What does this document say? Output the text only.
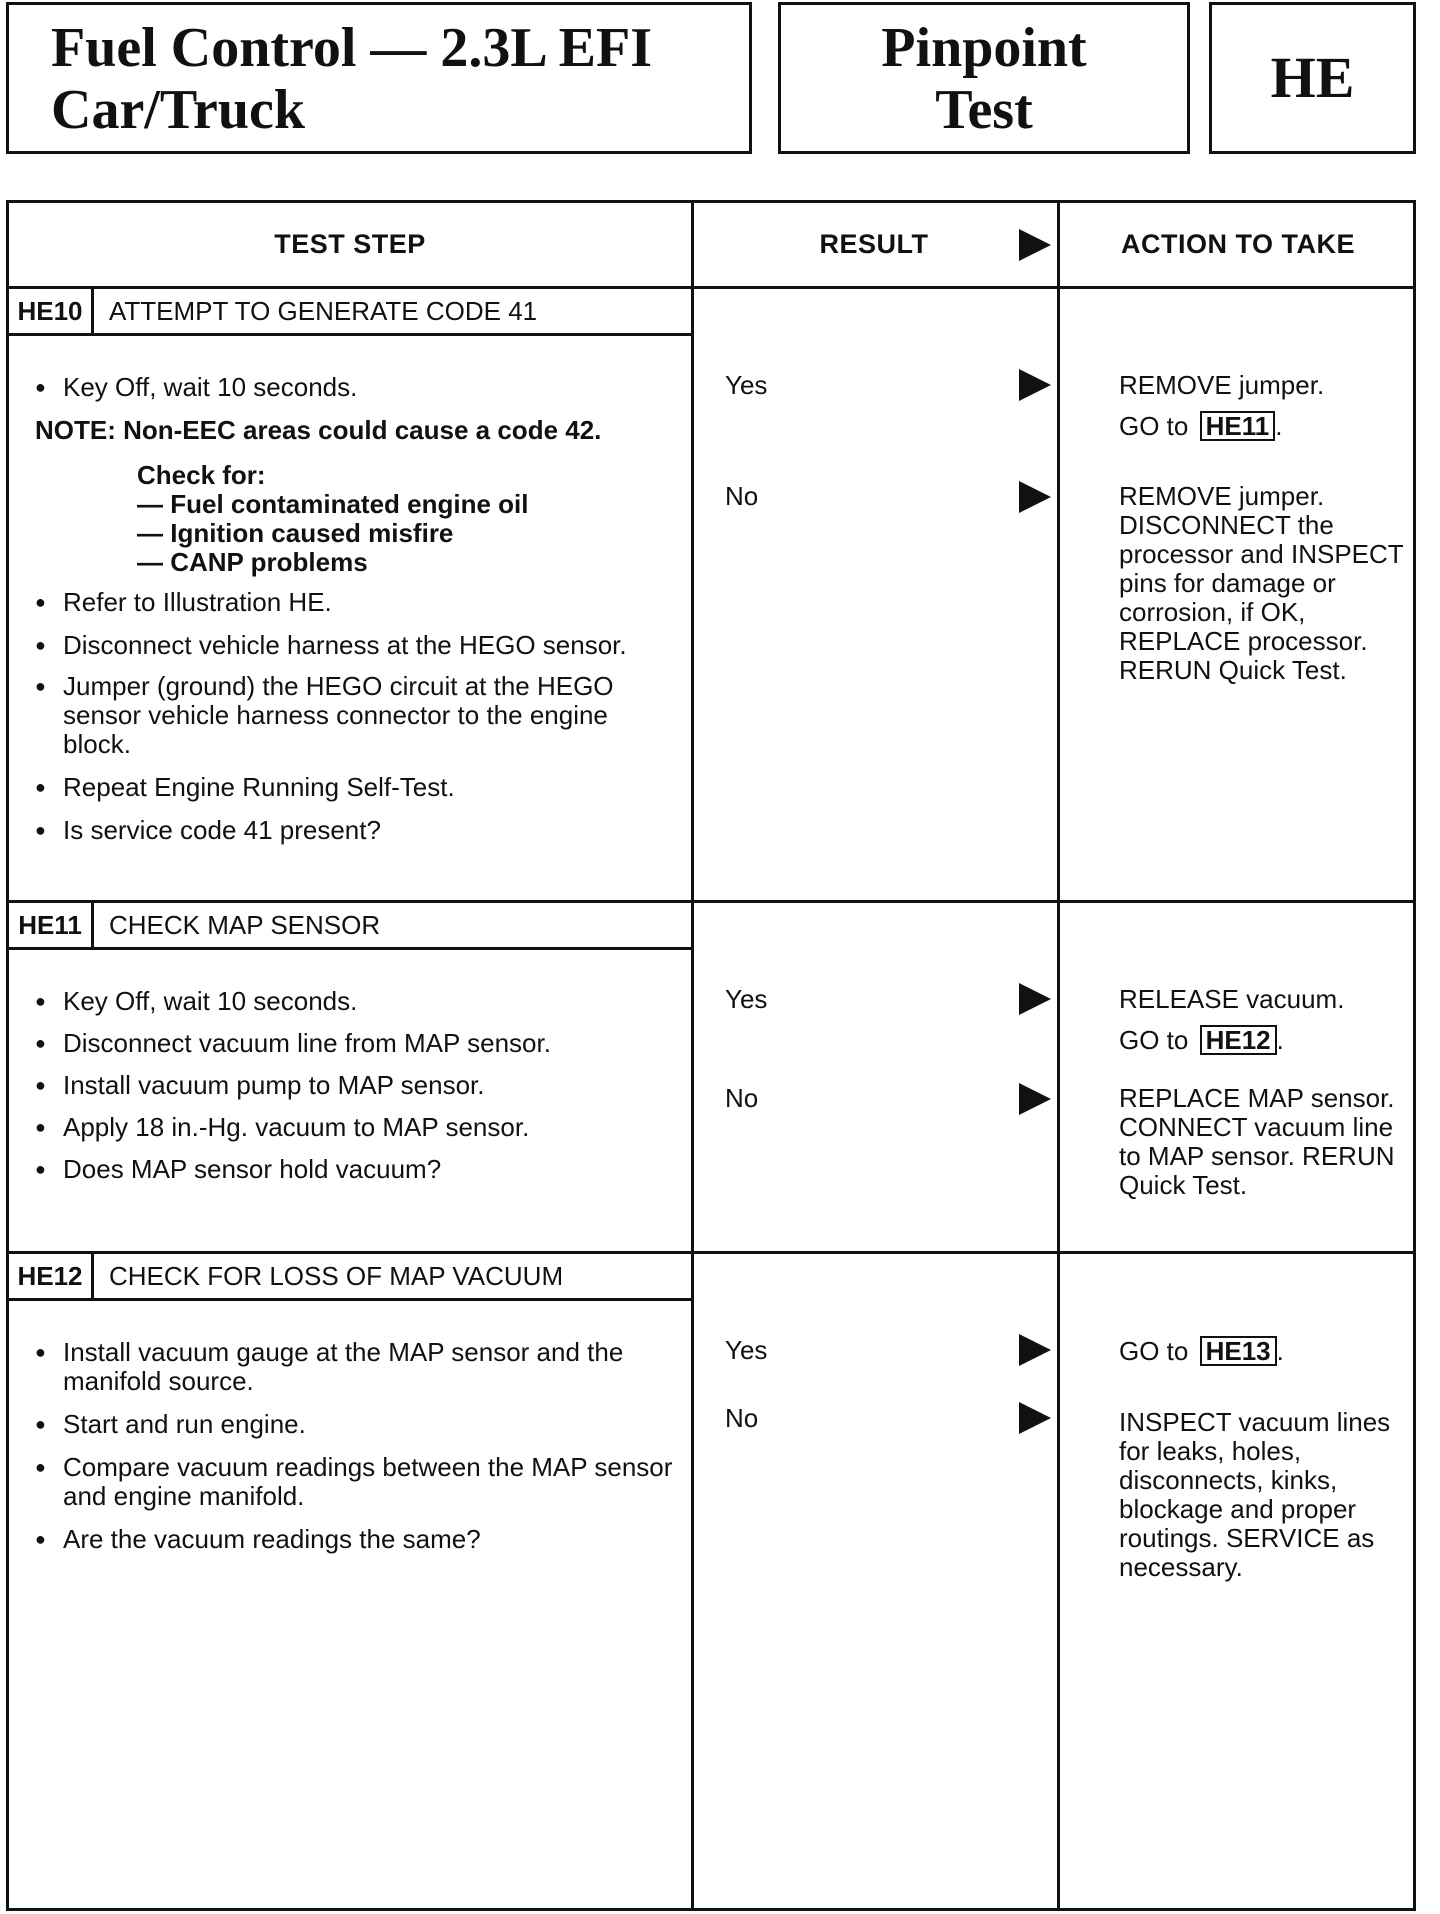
Fuel Control — 2.3L EFI
Car/Truck
Pinpoint
Test	HE
TEST STEP	RESULT	ACTION TO TAKE
HE10	ATTEMPT TO GENERATE CODE 41
● Key Off, wait 10 seconds.
NOTE: Non-EEC areas could cause a code 42.
Check for:
— Fuel contaminated engine oil
— Ignition caused misfire
— CANP problems
● Refer to Illustration HE.
● Disconnect vehicle harness at the HEGO sensor.
● Jumper (ground) the HEGO circuit at the HEGO sensor vehicle harness connector to the engine block.
● Repeat Engine Running Self-Test.
● Is service code 41 present?
Yes	REMOVE jumper.
GO to HE11 .
No	REMOVE jumper. DISCONNECT the processor and INSPECT pins for damage or corrosion, if OK, REPLACE processor. RERUN Quick Test.
HE11	CHECK MAP SENSOR
● Key Off, wait 10 seconds.
● Disconnect vacuum line from MAP sensor.
● Install vacuum pump to MAP sensor.
● Apply 18 in.-Hg. vacuum to MAP sensor.
● Does MAP sensor hold vacuum?
Yes	RELEASE vacuum.
GO to HE12 .
No	REPLACE MAP sensor. CONNECT vacuum line to MAP sensor. RERUN Quick Test.
HE12	CHECK FOR LOSS OF MAP VACUUM
● Install vacuum gauge at the MAP sensor and the manifold source.
● Start and run engine.
● Compare vacuum readings between the MAP sensor and engine manifold.
● Are the vacuum readings the same?
Yes	GO to HE13 .
No	INSPECT vacuum lines for leaks, holes, disconnects, kinks, blockage and proper routings. SERVICE as necessary.
